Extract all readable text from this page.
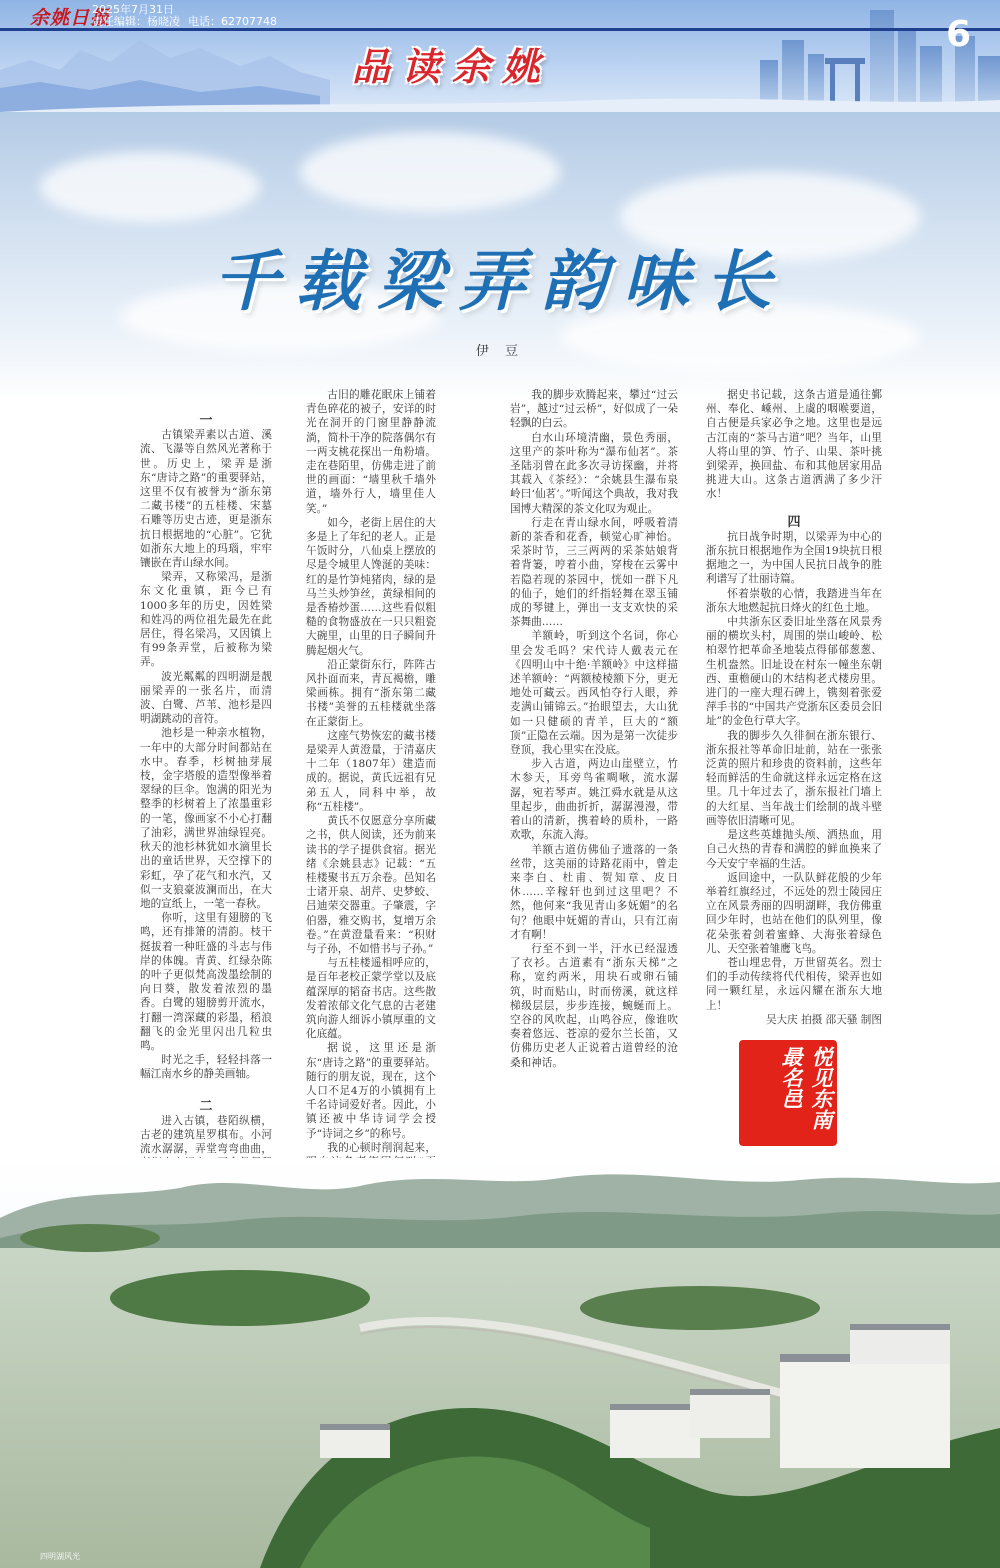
余姚日报
2025年7月31日
责任编辑：杨晓凌 电话：62707748
品读余姚
6
千载梁弄韵味长
伊 豆

一

古镇梁弄素以古道、溪流、飞瀑等自然风光著称于世。历史上，梁弄是浙东“唐诗之路”的重要驿站，这里不仅有被誉为“浙东第二藏书楼”的五桂楼、宋墓石雕等历史古迹，更是浙东抗日根据地的“心脏”。它犹如浙东大地上的玛瑙，牢牢镶嵌在青山绿水间。

梁弄，又称梁冯，是浙东文化重镇，距今已有1000多年的历史，因姓梁和姓冯的两位祖先最先在此居住，得名梁冯，又因镇上有99条弄堂，后被称为梁弄。

波光粼粼的四明湖是靓丽梁弄的一张名片，而清波、白鹭、芦苇、池杉是四明湖跳动的音符。

池杉是一种亲水植物，一年中的大部分时间都站在水中。春季，杉树抽芽展枝，金字塔般的造型像举着翠绿的巨伞。饱满的阳光为整季的杉树着上了浓墨重彩的一笔，像画家不小心打翻了油彩，满世界油绿锃亮。秋天的池杉林犹如水滴里长出的童话世界，天空撑下的彩虹，孕了花气和水汽，又似一支狼豪波澜而出，在大地的宣纸上，一笔一春秋。

你听，这里有翅膀的飞鸣，还有排箫的清韵。枝干挺拔着一种旺盛的斗志与伟岸的体魄。青黄、红绿杂陈的叶子更似梵高泼墨绘制的向日葵，散发着浓烈的墨香。白鹭的翅膀剪开流水，打翻一湾深藏的彩墨，稻浪翻飞的金光里闪出几粒虫鸣。

时光之手，轻轻抖落一幅江南水乡的静美画轴。

二

进入古镇，巷陌纵横，古老的建筑星罗棋布。小河流水潺潺，弄堂弯弯曲曲，

古旧的雕花眠床上铺着青色碎花的被子，安详的时光在洞开的门窗里静静流淌，简朴干净的院落偶尔有一两支桃花探出一角粉墙。走在巷陌里，仿佛走进了前世的画面：“墙里秋千墙外道，墙外行人，墙里佳人笑。”

如今，老街上居住的大多是上了年纪的老人。正是午饭时分，八仙桌上摆放的尽是令城里人馋涎的美味：红的是竹笋炖猪肉，绿的是马兰头炒笋丝，黄绿相间的是香椿炒蛋……这些看似粗糙的食物盛放在一只只粗瓷大碗里，山里的日子瞬间升腾起烟火气。

沿正蒙街东行，阵阵古风扑面而来，青瓦褐檐，雕梁画栋。拥有“浙东第二藏书楼”美誉的五桂楼就坐落在正蒙街上。

这座气势恢宏的藏书楼是梁弄人黄澄量，于清嘉庆十二年（1807年）建造而成的。据说，黄氏远祖有兄弟五人，同科中举，故称“五桂楼”。

黄氏不仅愿意分享所藏之书，供人阅读，还为前来读书的学子提供食宿。据光绪《余姚县志》记载：“五桂楼聚书五万余卷。邑知名士诸开泉、胡芹、史梦蛟、吕迪荣交器重。子肇震，字伯器，雅交购书，复增万余卷。”在黄澄量看来：“积财与子孙，不如惜书与子孙。”

与五桂楼遥相呼应的，是百年老校正蒙学堂以及底蕴深厚的韬奋书店。这些散发着浓郁文化气息的古老建筑向游人细诉小镇厚重的文化底蕴。

据说，这里还是浙东“唐诗之路”的重要驿站。随行的朋友说，现在，这个人口不足4万的小镇拥有上千名诗词爱好者。因此，小镇还被中华诗词学会授予“诗词之乡”的称号。

我的心顿时削润起来，

我的脚步欢腾起来，攀过“过云岩”，越过“过云桥”，好似成了一朵轻飘的白云。

白水山环境清幽，景色秀丽，这里产的茶叶称为“瀑布仙茗”。茶圣陆羽曾在此多次寻访探幽，并将其载入《茶经》：“余姚县生瀑布泉岭曰‘仙茗’。”听闻这个典故，我对我国博大精深的茶文化叹为观止。

行走在青山绿水间，呼吸着清新的茶香和花香，顿觉心旷神怡。采茶时节，三三两两的采茶姑娘背着背篓，哼着小曲，穿梭在云雾中若隐若现的茶园中，恍如一群下凡的仙子，她们的纤指轻舞在翠玉铺成的琴键上，弹出一支支欢快的采茶舞曲……

羊额岭，听到这个名词，你心里会发毛吗？宋代诗人戴表元在《四明山中十绝·羊额岭》中这样描述羊额岭：“两额棱棱额下分，更无地处可藏云。西风怕夺行人眼，养麦满山铺锦云。”抬眼望去，大山犹如一只健硕的青羊，巨大的“额顶”正隐在云端。因为是第一次徒步登顶，我心里实在没底。

步入古道，两边山崖壁立，竹木参天，耳旁鸟雀啁啾，流水潺潺，宛若琴声。姚江舜水就是从这里起步，曲曲折折，潺潺漫漫，带着山的清新，携着岭的质朴，一路欢歌，东流入海。

羊额古道仿佛仙子遗落的一条丝带，这美丽的诗路花雨中，曾走来李白、杜甫、贺知章、皮日休……辛稼轩也到过这里吧？不然，他何来“我见青山多妩媚”的名句？他眼中妩媚的青山，只有江南才有啊！

行至不到一半，汗水已经湿透了衣衫。古道素有“浙东天梯”之称，宽约两米，用块石或卵石铺筑，时而贴山，时而傍溪，就这样梯级层层，步步连接，蜿蜒而上。空谷的风吹起，山鸣谷应，像谁吹奏着悠远、苍凉的爱尔兰长笛，又仿佛历史老人正说着古道曾经的沧桑和神话。

据史书记载，这条古道是通往鄞州、奉化、嵊州、上虞的咽喉要道，自古便是兵家必争之地。这里也是远古江南的“茶马古道”吧？当年，山里人将山里的笋、竹子、山果、茶叶挑到梁弄，换回盐、布和其他居家用品挑进大山。这条古道洒满了多少汗水！

四

抗日战争时期，以梁弄为中心的浙东抗日根据地作为全国19块抗日根据地之一，为中国人民抗日战争的胜利谱写了壮丽诗篇。

怀着崇敬的心情，我踏进当年在浙东大地燃起抗日烽火的红色土地。

中共浙东区委旧址坐落在风景秀丽的横坎头村，周围的崇山峻岭、松柏翠竹把革命圣地装点得郁郁葱葱、生机盎然。旧址设在村东一幢坐东朝西、重檐硬山的木结构老式楼房里。进门的一座大理石碑上，镌刻着张爱萍手书的“中国共产党浙东区委员会旧址”的金色行草大字。

我的脚步久久徘徊在浙东银行、浙东报社等革命旧址前，站在一张张泛黄的照片和珍贵的资料前，这些年轻而鲜活的生命就这样永远定格在这里。几十年过去了，浙东报社门墙上的大红星、当年战士们绘制的战斗壁画等依旧清晰可见。

是这些英雄抛头颅、洒热血，用自己火热的青春和满腔的鲜血换来了今天安宁幸福的生活。

返回途中，一队队鲜花般的少年举着红旗经过，不远处的烈士陵园庄立在风景秀丽的四明湖畔，我仿佛重回少年时，也站在他们的队列里，像花朵张着剑着蜜蜂、大海张着绿色儿、天空张着雏鹰飞鸟。

苍山埋忠骨，万世留英名。烈士们的手动传续将代代相传，梁弄也如同一颗红星，永远闪耀在浙东大地上！

吴大庆 拍摄 邵天骚 制图

悦见东南
最名邑
四明湖风光
